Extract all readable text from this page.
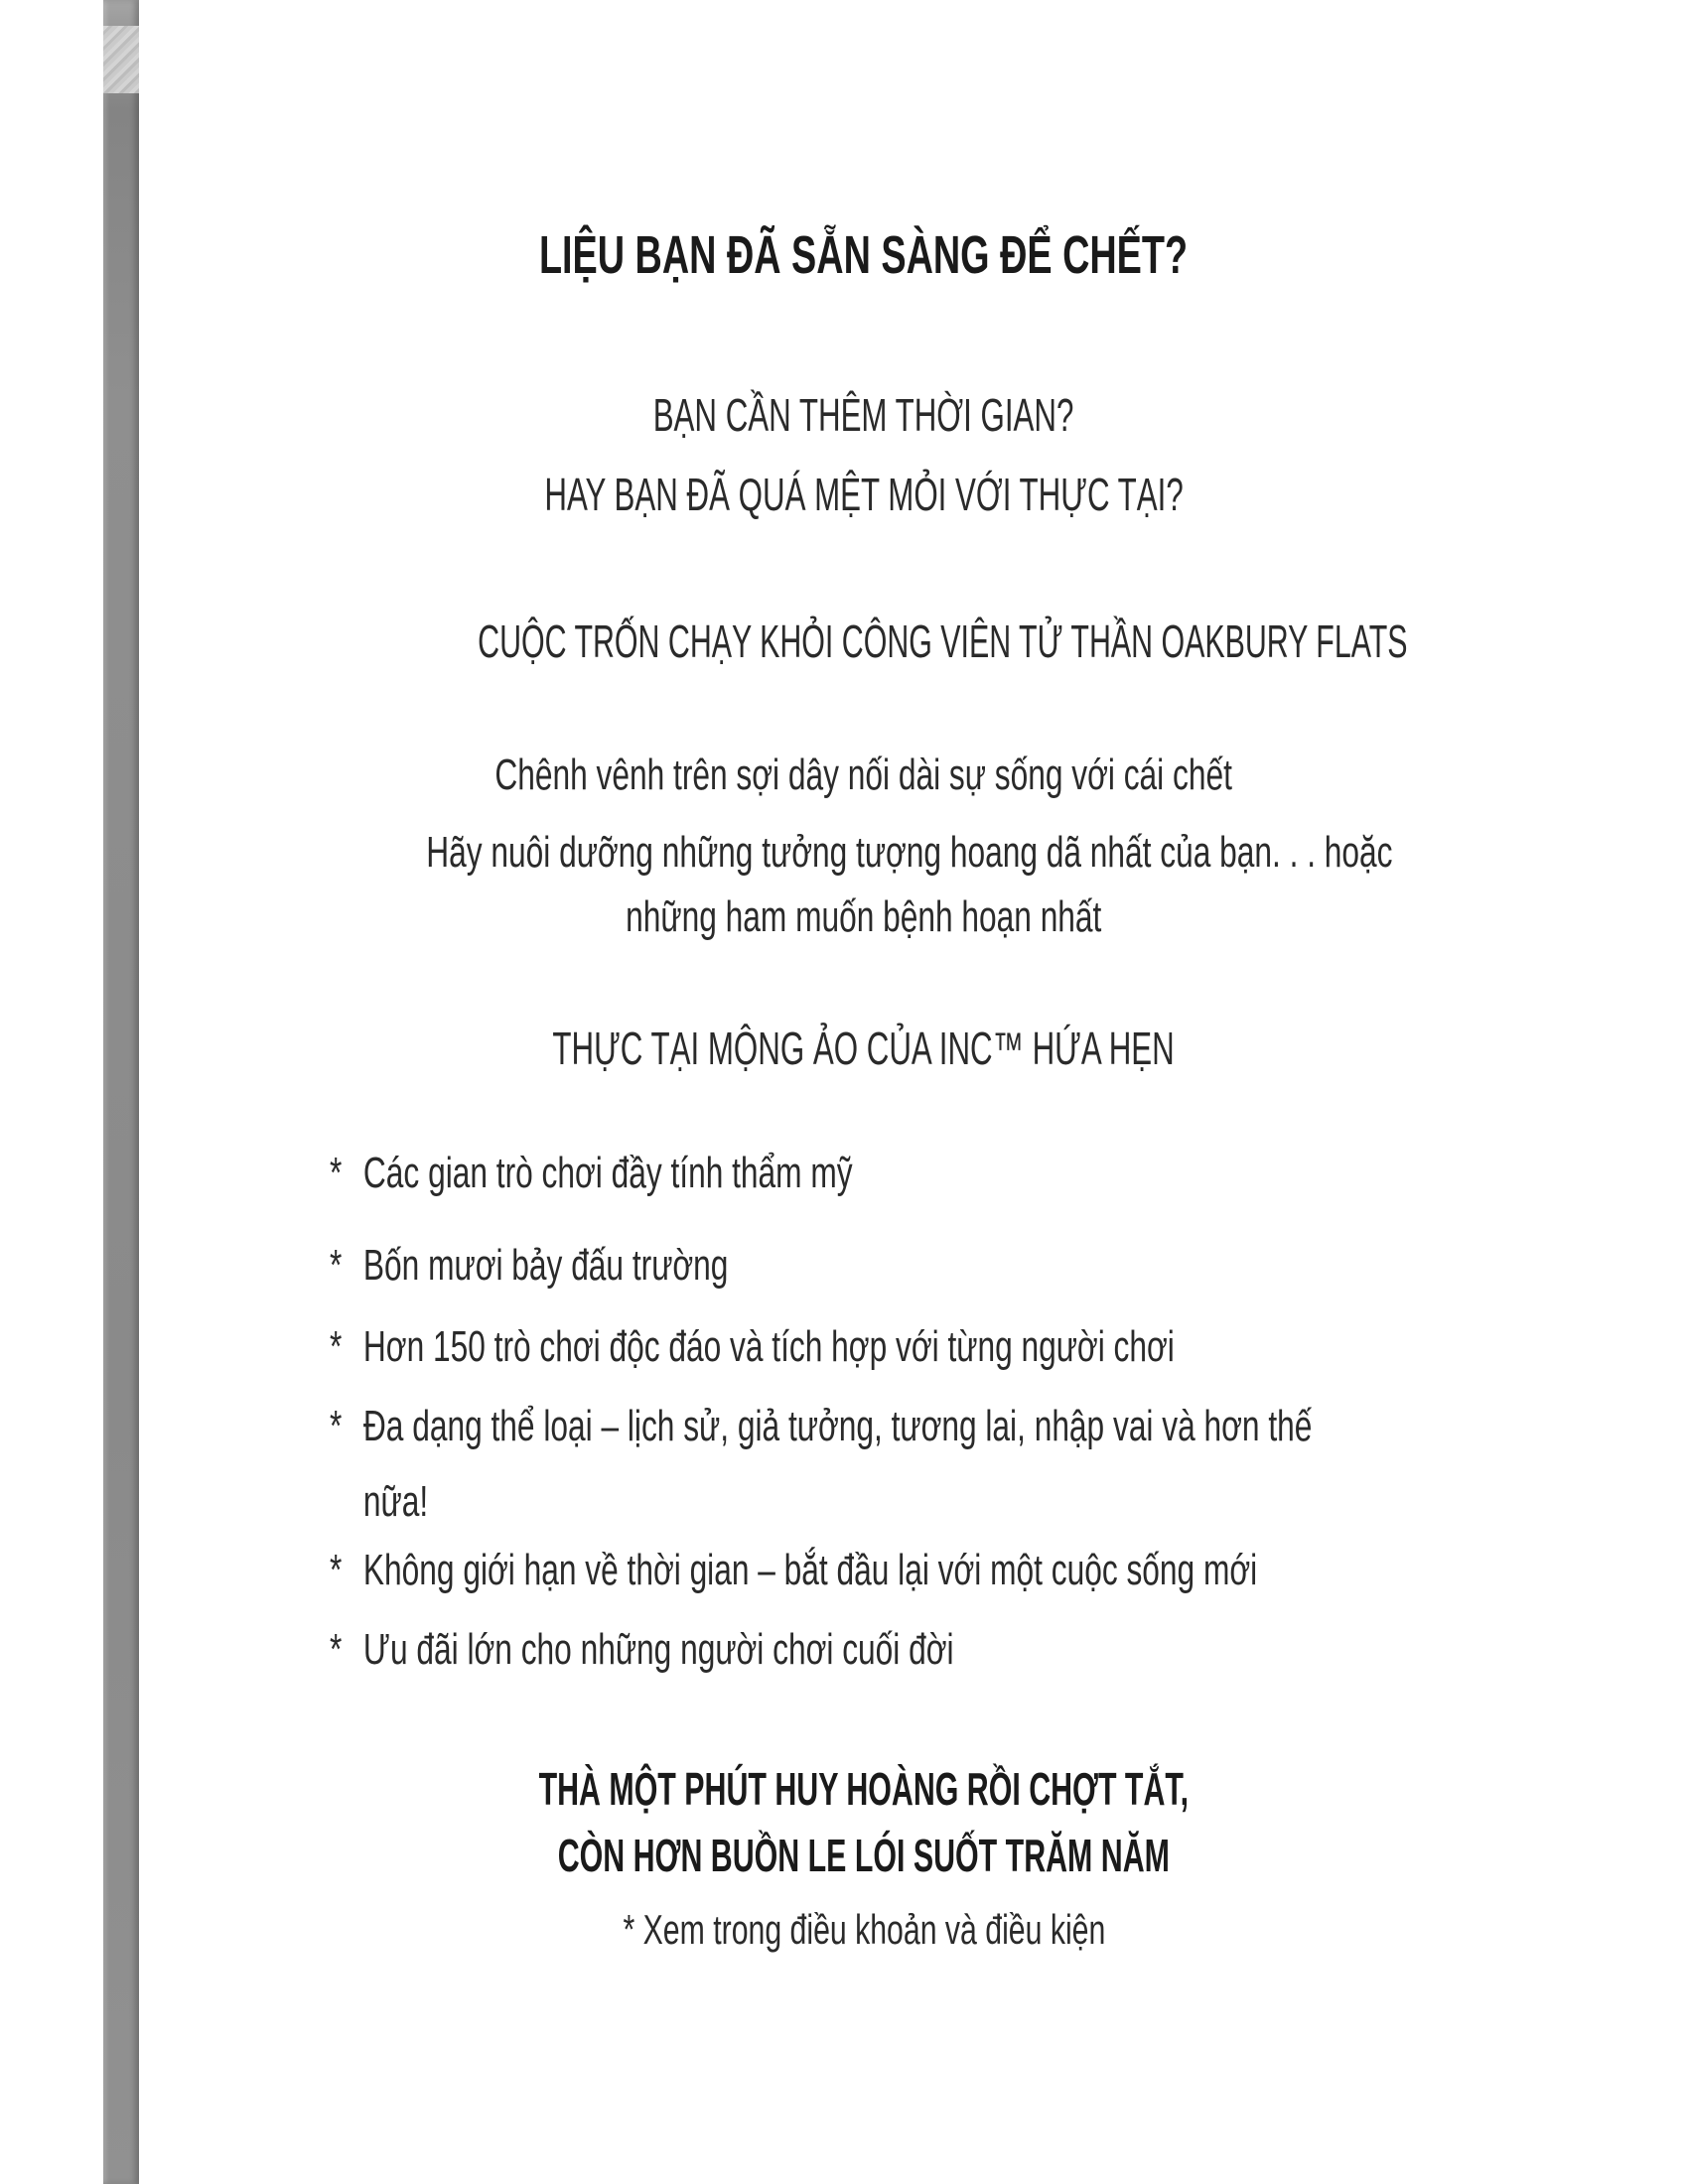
LIỆU BẠN ĐÃ SẴN SÀNG ĐỂ CHẾT?
BẠN CẦN THÊM THỜI GIAN?
HAY BẠN ĐÃ QUÁ MỆT MỎI VỚI THỰC TẠI?
CUỘC TRỐN CHẠY KHỎI CÔNG VIÊN TỬ THẦN OAKBURY FLATS
Chênh vênh trên sợi dây nối dài sự sống với cái chết
Hãy nuôi dưỡng những tưởng tượng hoang dã nhất của bạn. . . hoặc
những ham muốn bệnh hoạn nhất
THỰC TẠI MỘNG ẢO CỦA INC™ HỨA HẸN
* Các gian trò chơi đầy tính thẩm mỹ
* Bốn mươi bảy đấu trường
* Hơn 150 trò chơi độc đáo và tích hợp với từng người chơi
* Đa dạng thể loại – lịch sử, giả tưởng, tương lai, nhập vai và hơn thế
nữa!
* Không giới hạn về thời gian – bắt đầu lại với một cuộc sống mới
* Ưu đãi lớn cho những người chơi cuối đời
THÀ MỘT PHÚT HUY HOÀNG RỒI CHỢT TẮT,
CÒN HƠN BUỒN LE LÓI SUỐT TRĂM NĂM
* Xem trong điều khoản và điều kiện
